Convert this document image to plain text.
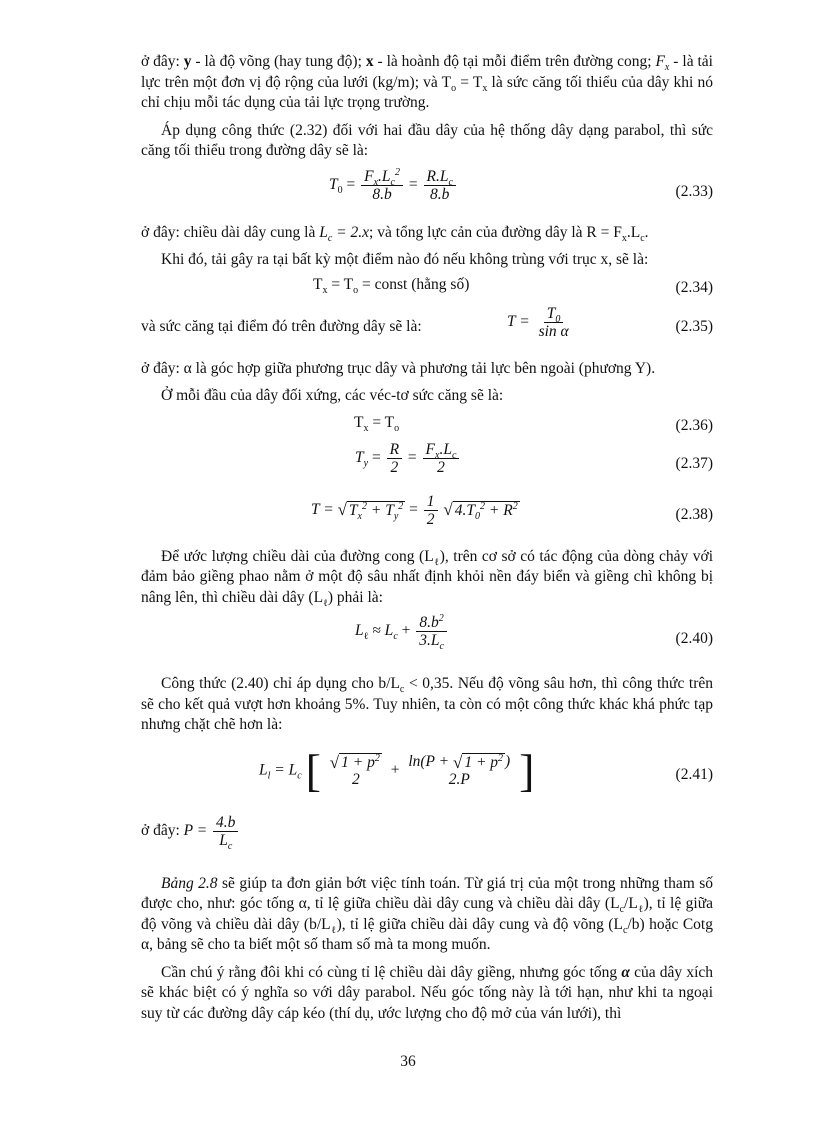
ở đây: y - là độ võng (hay tung độ); x - là hoành độ tại mỗi điểm trên đường cong; $F_x$ - là tải lực trên một đơn vị độ rộng của lưới (kg/m); và $T_o = T_x$ là sức căng tối thiểu của dây khi nó chỉ chịu mỗi tác dụng của tải lực trọng trường.

Áp dụng công thức (2.32) đối với hai đầu dây của hệ thống dây dạng parabol, thì sức căng tối thiểu trong đường dây sẽ là:

$T_0 = \frac{F_x.L_c^2}{8.b} = \frac{R.L_c}{8.b}$	(2.33)

ở đây: chiều dài dây cung là $L_c = 2.x$; và tổng lực cản của đường dây là $R = F_x.L_c$.

Khi đó, tải gây ra tại bất kỳ một điểm nào đó nếu không trùng với trục x, sẽ là:

$T_x = T_o$ = const (hằng số)	(2.34)
và sức căng tại điểm đó trên đường dây sẽ là:	$T = \frac{T_0}{\text{sin α}}$	(2.35)

ở đây: α là góc hợp giữa phương trục dây và phương tải lực bên ngoài (phương Y).

Ở mỗi đầu của dây đối xứng, các véc-tơ sức căng sẽ là:

$T_x = T_o$	(2.36)
$T_y = \frac{R}{2} = \frac{F_x.L_c}{2}$	(2.37)
T = √ $T_x^2 + T_y^2 = \frac{1}{2}$ √ $4.T_0^2 + R^2$	(2.38)

Để ước lượng chiều dài của đường cong $(L_\ell)$, trên cơ sở có tác động của dòng chảy với đảm bảo giềng phao nằm ở một độ sâu nhất định khỏi nền đáy biển và giềng chì không bị nâng lên, thì chiều dài dây $(L_\ell)$ phải là:

$L_\ell \approx L_c + \frac{8.b^2}{3.L_c}$	(2.40)

Công thức (2.40) chỉ áp dụng cho $b/L_c < 0,35$. Nếu độ võng sâu hơn, thì công thức trên sẽ cho kết quả vượt hơn khoảng 5%. Tuy nhiên, ta còn có một công thức khác khá phức tạp nhưng chặt chẽ hơn là:

$L_l = L_c$ [ √ $1 + p^2$
2
+ ln(P + √ $1 + p^2$ )
2.P ]	(2.41)
ở đây: $P = \frac{4.b}{L_c}$

Bảng 2.8 sẽ giúp ta đơn giản bớt việc tính toán. Từ giá trị của một trong những tham số được cho, như: góc tống α, tỉ lệ giữa chiều dài dây cung và chiều dài dây $(L_c/L_\ell)$, tỉ lệ giữa độ võng và chiều dài dây $(b/L_\ell)$, tỉ lệ giữa chiều dài dây cung và độ võng $(L_c/b)$ hoặc Cotg α, bảng sẽ cho ta biết một số tham số mà ta mong muốn.

Cần chú ý rằng đôi khi có cùng tỉ lệ chiều dài dây giềng, nhưng góc tống α của dây xích sẽ khác biệt có ý nghĩa so với dây parabol. Nếu góc tống này là tới hạn, như khi ta ngoại suy từ các đường dây cáp kéo (thí dụ, ước lượng cho độ mở của ván lưới), thì

36
